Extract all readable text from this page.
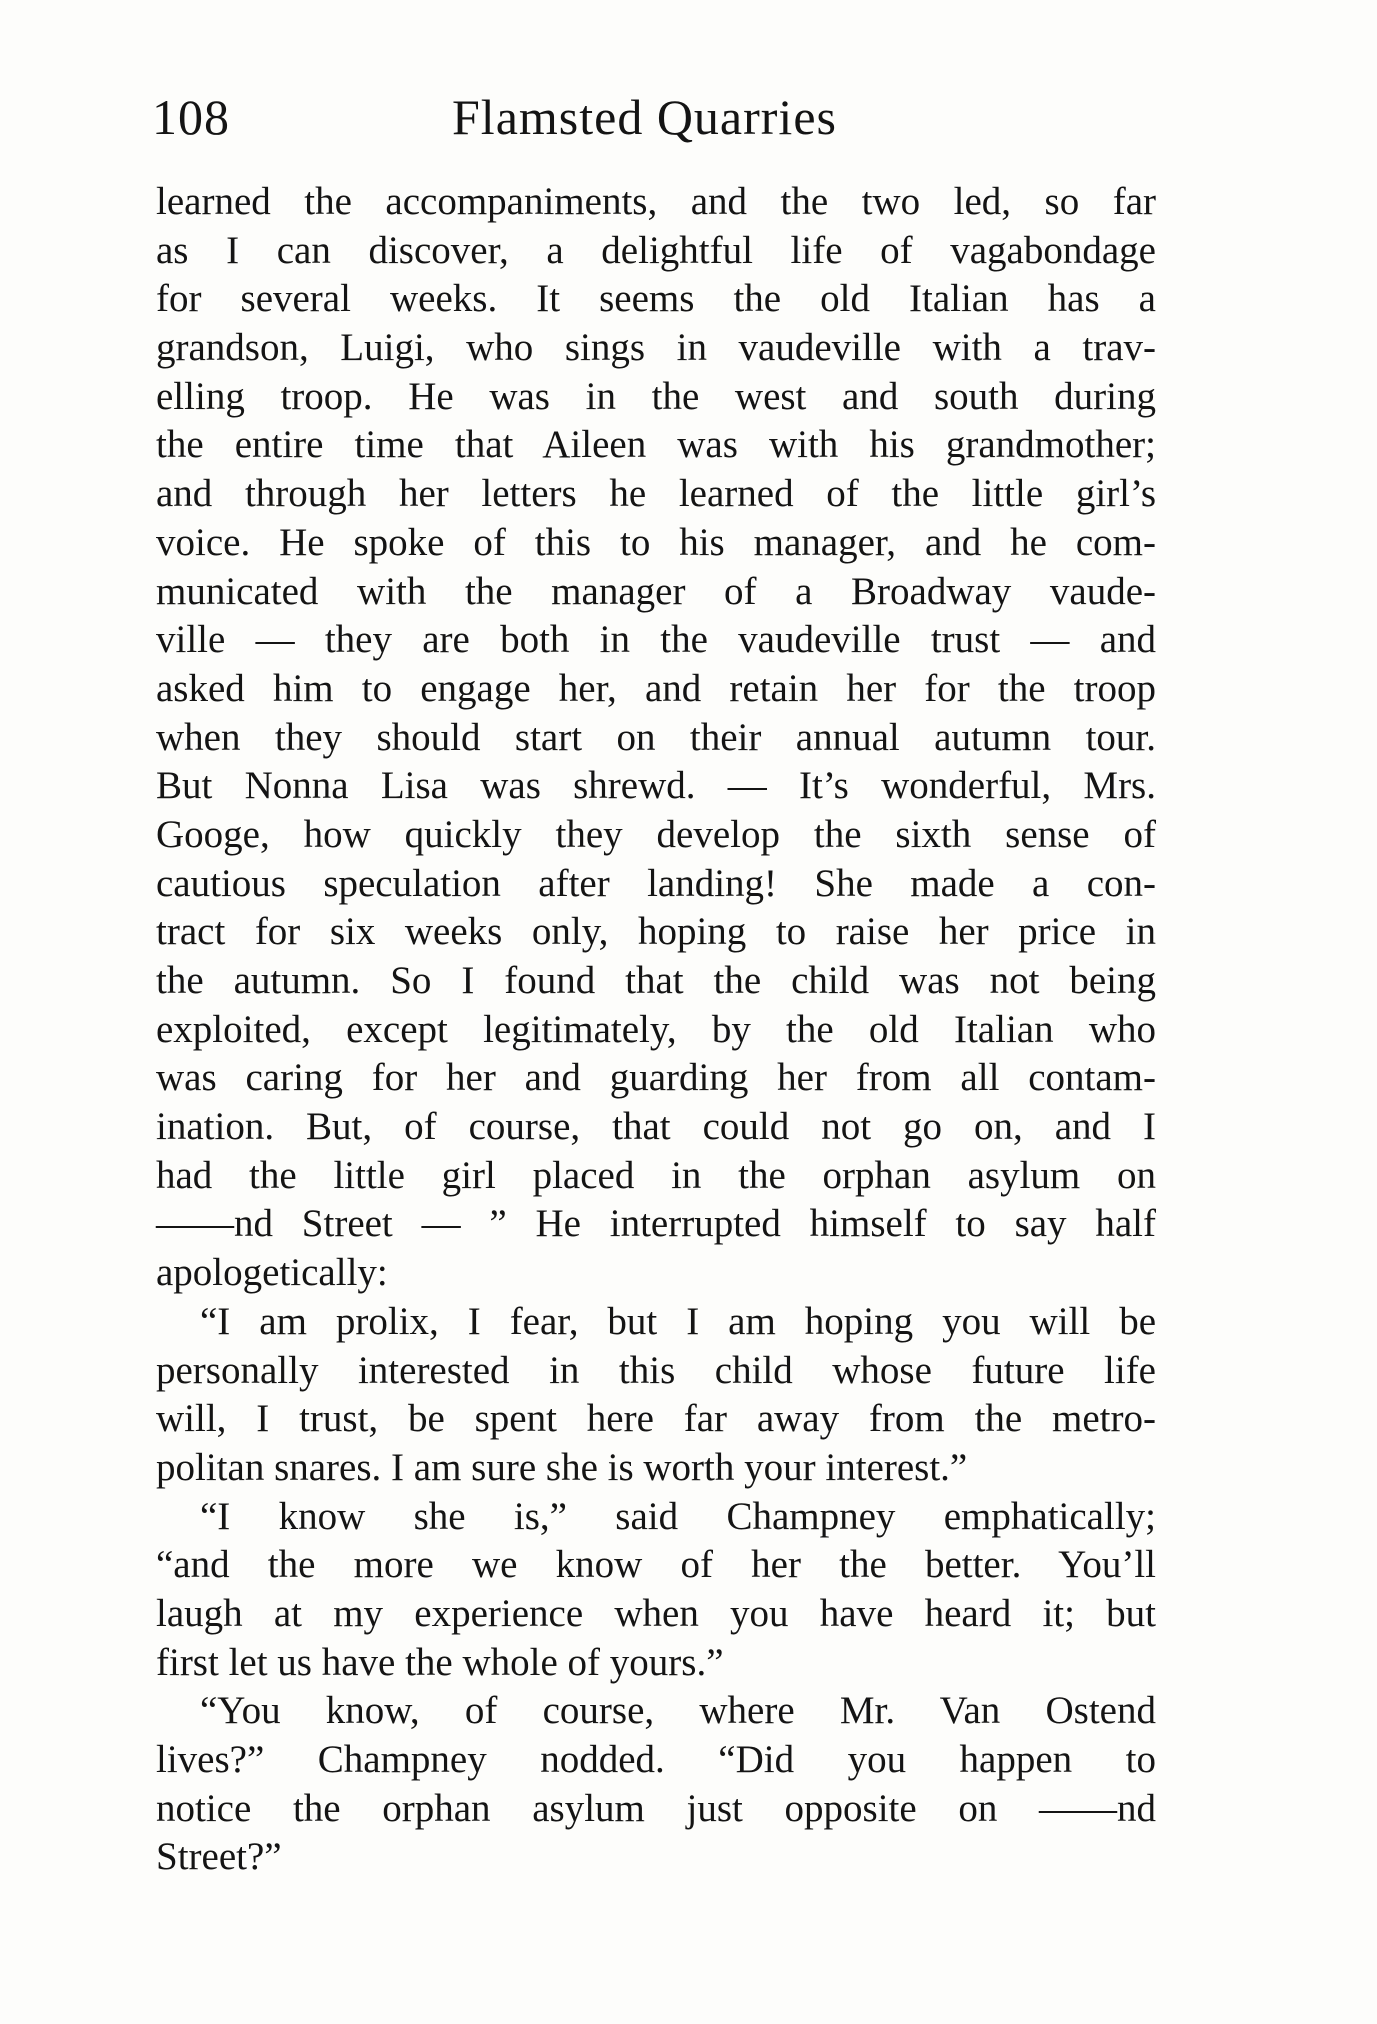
108	Flamsted Quarries
learned the accompaniments, and the two led, so far
as I can discover, a delightful life of vagabondage
for several weeks. It seems the old Italian has a
grandson, Luigi, who sings in vaudeville with a trav-
elling troop. He was in the west and south during
the entire time that Aileen was with his grandmother;
and through her letters he learned of the little girl’s
voice. He spoke of this to his manager, and he com-
municated with the manager of a Broadway vaude-
ville — they are both in the vaudeville trust — and
asked him to engage her, and retain her for the troop
when they should start on their annual autumn tour.
But Nonna Lisa was shrewd. — It’s wonderful, Mrs.
Googe, how quickly they develop the sixth sense of
cautious speculation after landing! She made a con-
tract for six weeks only, hoping to raise her price in
the autumn. So I found that the child was not being
exploited, except legitimately, by the old Italian who
was caring for her and guarding her from all contam-
ination. But, of course, that could not go on, and I
had the little girl placed in the orphan asylum on
——nd Street — ” He interrupted himself to say half
apologetically:
“I am prolix, I fear, but I am hoping you will be
personally interested in this child whose future life
will, I trust, be spent here far away from the metro-
politan snares. I am sure she is worth your interest.”
“I know she is,” said Champney emphatically;
“and the more we know of her the better. You’ll
laugh at my experience when you have heard it; but
first let us have the whole of yours.”
“You know, of course, where Mr. Van Ostend
lives?” Champney nodded. “Did you happen to
notice the orphan asylum just opposite on ——nd
Street?”
